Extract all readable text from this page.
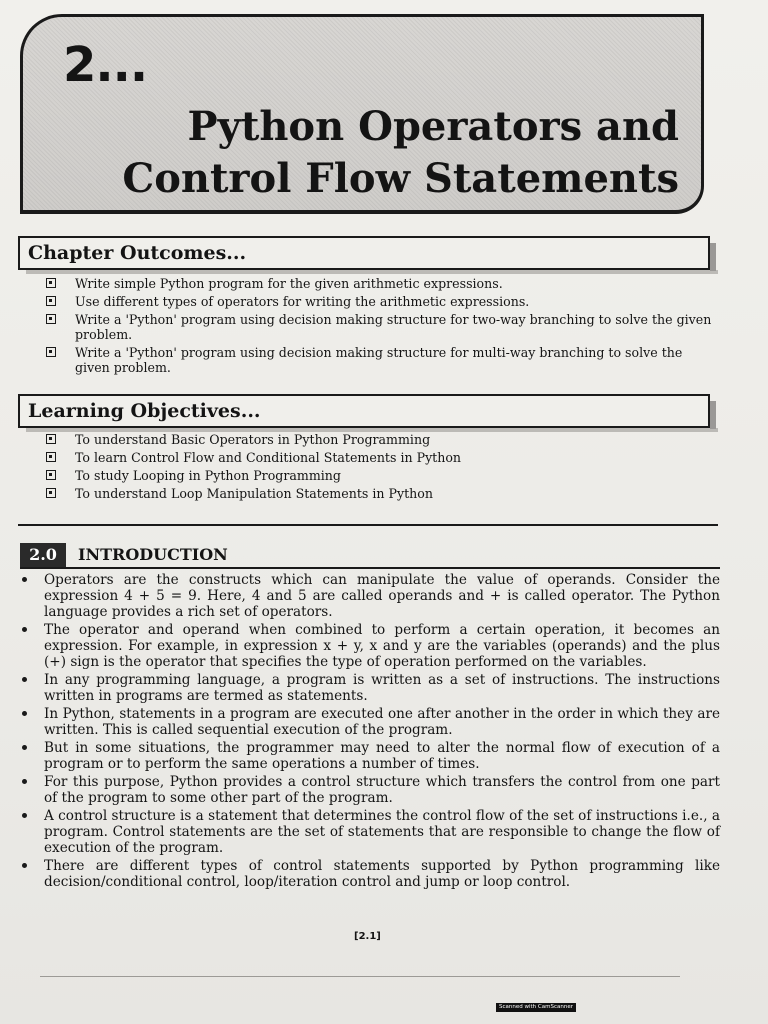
2...
Python Operators and
Control Flow Statements
Chapter Outcomes...
Write simple Python program for the given arithmetic expressions.
Use different types of operators for writing the arithmetic expressions.
Write a 'Python' program using decision making structure for two-way branching to solve the given problem.
Write a 'Python' program using decision making structure for multi-way branching to solve the given problem.
Learning Objectives...
To understand Basic Operators in Python Programming
To learn Control Flow and Conditional Statements in Python
To study Looping in Python Programming
To understand Loop Manipulation Statements in Python
2.0	INTRODUCTION
Operators are the constructs which can manipulate the value of operands. Consider the expression 4 + 5 = 9. Here, 4 and 5 are called operands and + is called operator. The Python language provides a rich set of operators.
The operator and operand when combined to perform a certain operation, it becomes an expression. For example, in expression x + y, x and y are the variables (operands) and the plus (+) sign is the operator that specifies the type of operation performed on the variables.
In any programming language, a program is written as a set of instructions. The instructions written in programs are termed as statements.
In Python, statements in a program are executed one after another in the order in which they are written. This is called sequential execution of the program.
But in some situations, the programmer may need to alter the normal flow of execution of a program or to perform the same operations a number of times.
For this purpose, Python provides a control structure which transfers the control from one part of the program to some other part of the program.
A control structure is a statement that determines the control flow of the set of instructions i.e., a program. Control statements are the set of statements that are responsible to change the flow of execution of the program.
There are different types of control statements supported by Python programming like decision/conditional control, loop/iteration control and jump or loop control.
[2.1]
Scanned with CamScanner
